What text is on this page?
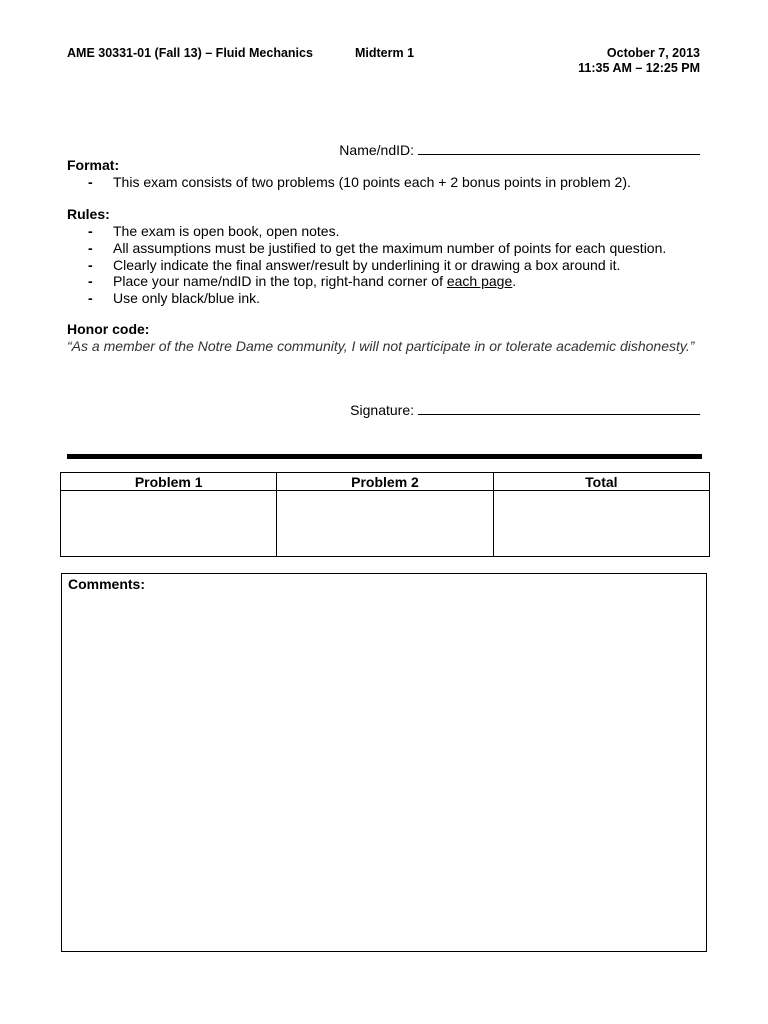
AME 30331-01 (Fall 13) – Fluid Mechanics	Midterm 1	October 7, 2013
11:35 AM – 12:25 PM
Name/ndID:
Format:
- This exam consists of two problems (10 points each + 2 bonus points in problem 2).
Rules:
- The exam is open book, open notes.
- All assumptions must be justified to get the maximum number of points for each question.
- Clearly indicate the final answer/result by underlining it or drawing a box around it.
- Place your name/ndID in the top, right-hand corner of each page.
- Use only black/blue ink.
Honor code:
“As a member of the Notre Dame community, I will not participate in or tolerate academic dishonesty.”
Signature:
Problem 1	Problem 2	Total

Comments:
